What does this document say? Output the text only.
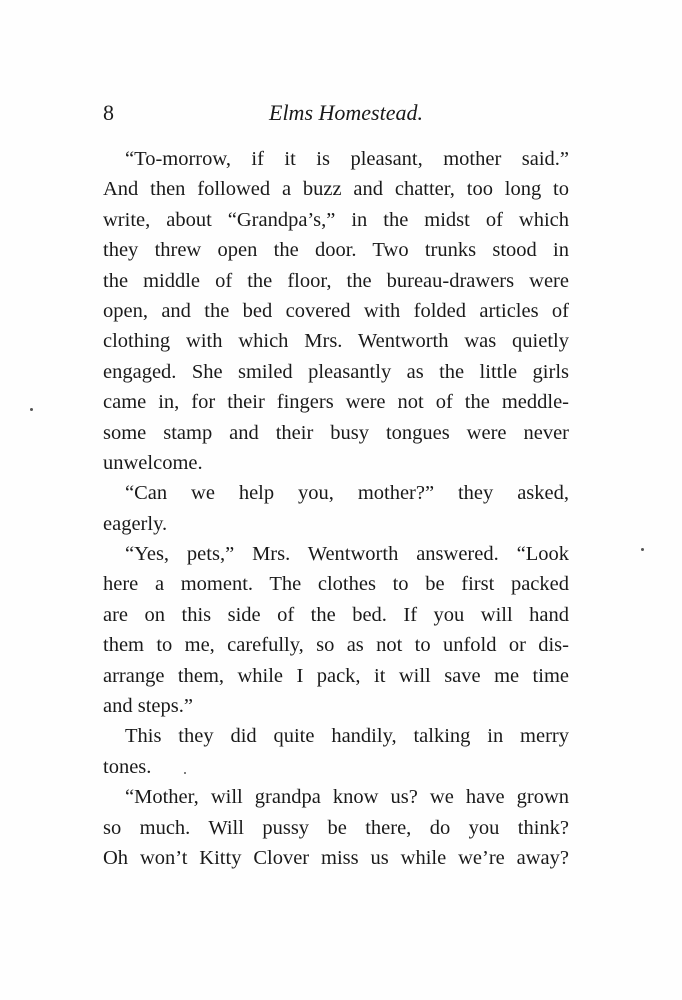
8	Elms Homestead.
“To-morrow, if it is pleasant, mother said.”
And then followed a buzz and chatter, too long to
write, about “Grandpa’s,” in the midst of which
they threw open the door. Two trunks stood in
the middle of the floor, the bureau-drawers were
open, and the bed covered with folded articles of
clothing with which Mrs. Wentworth was quietly
engaged. She smiled pleasantly as the little girls
came in, for their fingers were not of the meddle-
some stamp and their busy tongues were never
unwelcome.
“Can we help you, mother?” they asked,
eagerly.
“Yes, pets,” Mrs. Wentworth answered. “Look
here a moment. The clothes to be first packed
are on this side of the bed. If you will hand
them to me, carefully, so as not to unfold or dis-
arrange them, while I pack, it will save me time
and steps.”
This they did quite handily, talking in merry
tones.
“Mother, will grandpa know us? we have grown
so much. Will pussy be there, do you think?
Oh won’t Kitty Clover miss us while we’re away?
